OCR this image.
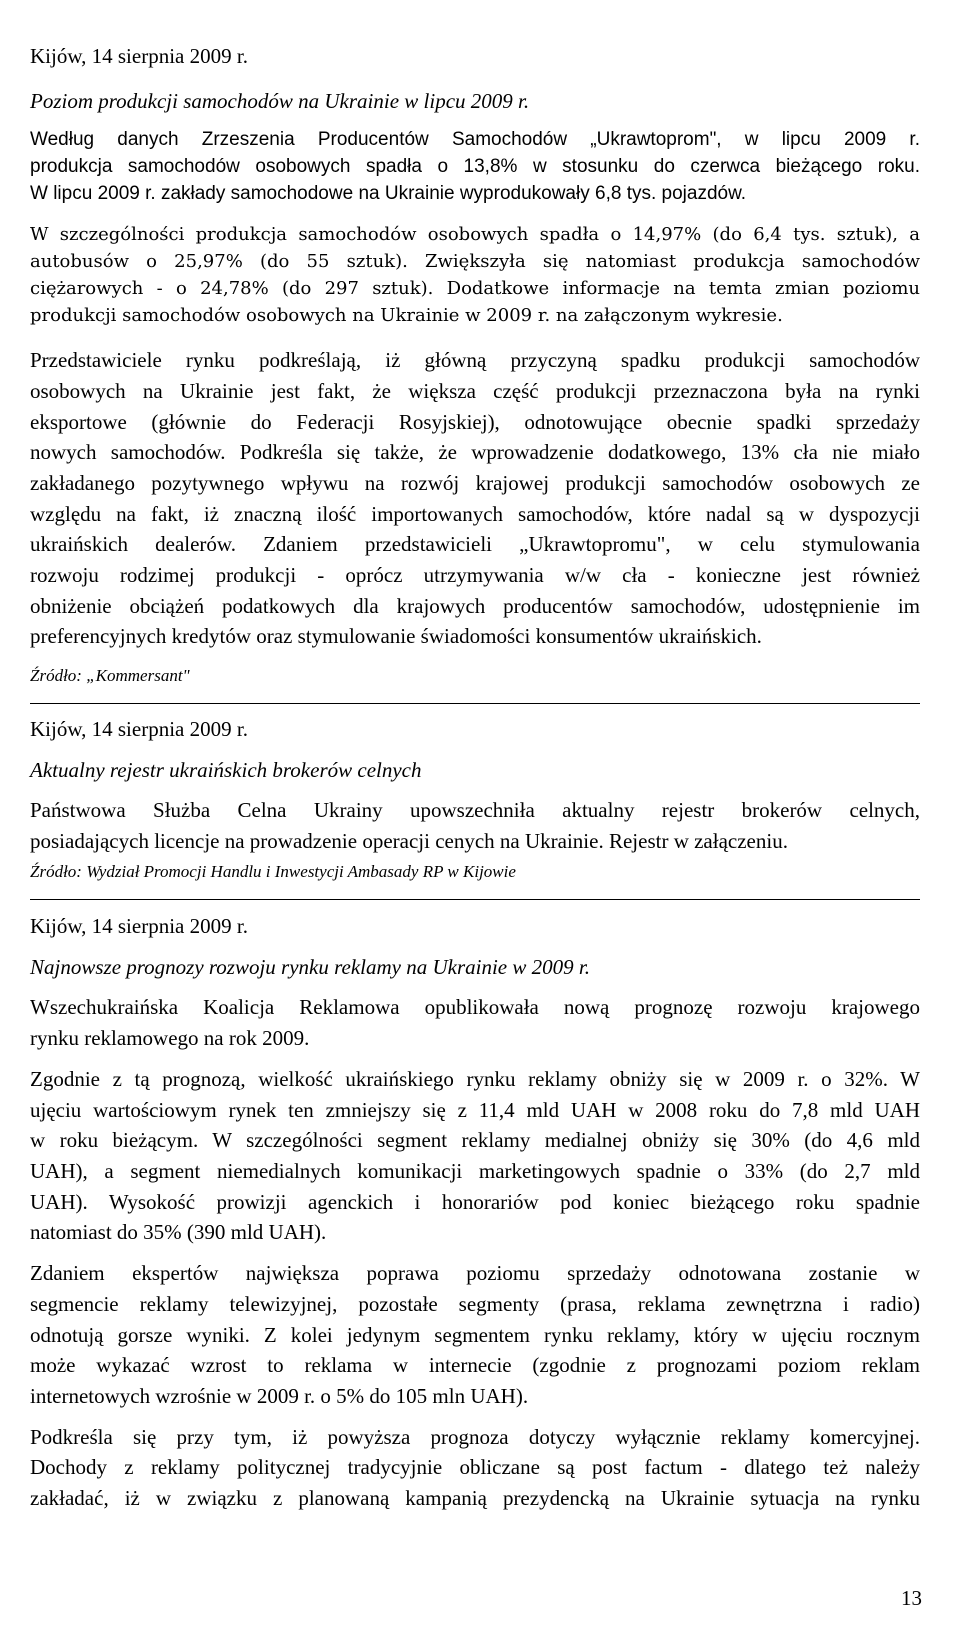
Kijów, 14 sierpnia 2009 r.
Poziom produkcji samochodów na Ukrainie w lipcu 2009 r.
Według danych Zrzeszenia Producentów Samochodów „Ukrawtoprom", w lipcu 2009 r.
produkcja samochodów osobowych spadła o 13,8% w stosunku do czerwca bieżącego roku.
W lipcu 2009 r. zakłady samochodowe na Ukrainie wyprodukowały 6,8 tys. pojazdów.
W szczególności produkcja samochodów osobowych spadła o 14,97% (do 6,4 tys. sztuk), a
autobusów o 25,97% (do 55 sztuk). Zwiększyła się natomiast produkcja samochodów
ciężarowych - o 24,78% (do 297 sztuk). Dodatkowe informacje na temta zmian poziomu
produkcji samochodów osobowych na Ukrainie w 2009 r. na załączonym wykresie.
Przedstawiciele rynku podkreślają, iż główną przyczyną spadku produkcji samochodów
osobowych na Ukrainie jest fakt, że większa część produkcji przeznaczona była na rynki
eksportowe (głównie do Federacji Rosyjskiej), odnotowujące obecnie spadki sprzedaży
nowych samochodów. Podkreśla się także, że wprowadzenie dodatkowego, 13% cła nie miało
zakładanego pozytywnego wpływu na rozwój krajowej produkcji samochodów osobowych ze
względu na fakt, iż znaczną ilość importowanych samochodów, które nadal są w dyspozycji
ukraińskich dealerów. Zdaniem przedstawicieli „Ukrawtopromu", w celu stymulowania
rozwoju rodzimej produkcji - oprócz utrzymywania w/w cła - konieczne jest również
obniżenie obciążeń podatkowych dla krajowych producentów samochodów, udostępnienie im
preferencyjnych kredytów oraz stymulowanie świadomości konsumentów ukraińskich.
Źródło: „Kommersant"
Kijów, 14 sierpnia 2009 r.
Aktualny rejestr ukraińskich brokerów celnych
Państwowa Służba Celna Ukrainy upowszechniła aktualny rejestr brokerów celnych,
posiadających licencje na prowadzenie operacji cenych na Ukrainie. Rejestr w załączeniu.
Źródło: Wydział Promocji Handlu i Inwestycji Ambasady RP w Kijowie
Kijów, 14 sierpnia 2009 r.
Najnowsze prognozy rozwoju rynku reklamy na Ukrainie w 2009 r.
Wszechukraińska Koalicja Reklamowa opublikowała nową prognozę rozwoju krajowego
rynku reklamowego na rok 2009.
Zgodnie z tą prognozą, wielkość ukraińskiego rynku reklamy obniży się w 2009 r. o 32%. W
ujęciu wartościowym rynek ten zmniejszy się z 11,4 mld UAH w 2008 roku do 7,8 mld UAH
w roku bieżącym. W szczególności segment reklamy medialnej obniży się 30% (do 4,6 mld
UAH), a segment niemedialnych komunikacji marketingowych spadnie o 33% (do 2,7 mld
UAH). Wysokość prowizji agenckich i honorariów pod koniec bieżącego roku spadnie
natomiast do 35% (390 mld UAH).
Zdaniem ekspertów największa poprawa poziomu sprzedaży odnotowana zostanie w
segmencie reklamy telewizyjnej, pozostałe segmenty (prasa, reklama zewnętrzna i radio)
odnotują gorsze wyniki. Z kolei jedynym segmentem rynku reklamy, który w ujęciu rocznym
może wykazać wzrost to reklama w internecie (zgodnie z prognozami poziom reklam
internetowych wzrośnie w 2009 r. o 5% do 105 mln UAH).
Podkreśla się przy tym, iż powyższa prognoza dotyczy wyłącznie reklamy komercyjnej.
Dochody z reklamy politycznej tradycyjnie obliczane są post factum - dlatego też należy
zakładać, iż w związku z planowaną kampanią prezydencką na Ukrainie sytuacja na rynku
13
